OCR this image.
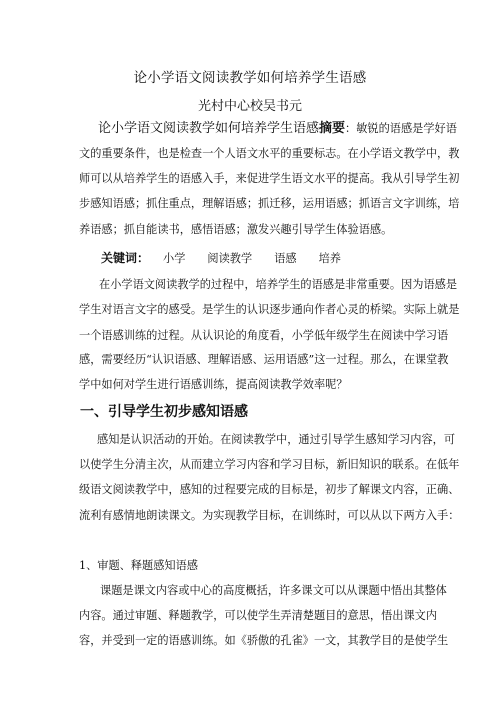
论小学语文阅读教学如何培养学生语感
光村中心校吴书元
论小学语文阅读教学如何培养学生语感摘要：敏锐的语感是学好语
文的重要条件，也是检查一个人语文水平的重要标志。在小学语文教学中，教
师可以从培养学生的语感入手，来促进学生语文水平的提高。我从引导学生初
步感知语感；抓住重点，理解语感；抓迁移，运用语感；抓语言文字训练，培
养语感；抓自能读书，感悟语感；激发兴趣引导学生体验语感。
关键词： 小学 阅读教学 语感 培养
在小学语文阅读教学的过程中，培养学生的语感是非常重要。因为语感是
学生对语言文字的感受。是学生的认识逐步通向作者心灵的桥梁。实际上就是
一个语感训练的过程。从认识论的角度看，小学低年级学生在阅读中学习语
感，需要经历“认识语感、理解语感、运用语感”这一过程。那么，在课堂教
学中如何对学生进行语感训练，提高阅读教学效率呢？
一、引导学生初步感知语感
感知是认识活动的开始。在阅读教学中，通过引导学生感知学习内容，可
以使学生分清主次，从而建立学习内容和学习目标，新旧知识的联系。在低年
级语文阅读教学中，感知的过程要完成的目标是，初步了解课文内容，正确、
流利有感情地朗读课文。为实现教学目标，在训练时，可以从以下两方入手：
1、审题、释题感知语感
课题是课文内容或中心的高度概括，许多课文可以从课题中悟出其整体
内容。通过审题、释题教学，可以使学生弄清楚题目的意思，悟出课文内
容，并受到一定的语感训练。如《骄傲的孔雀》一文，其教学目的是使学生
